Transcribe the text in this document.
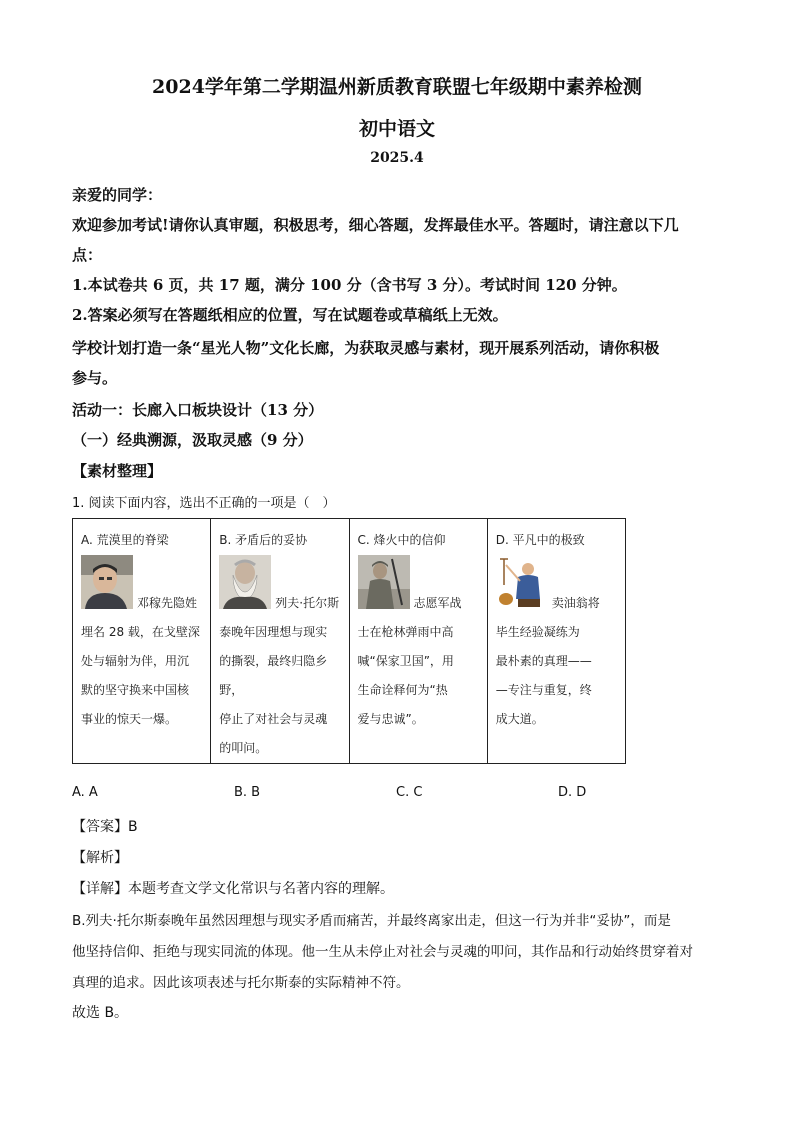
2024学年第二学期温州新质教育联盟七年级期中素养检测
初中语文
2025.4
亲爱的同学：
欢迎参加考试!请你认真审题，积极思考，细心答题，发挥最佳水平。答题时，请注意以下几
点：
1.本试卷共 6 页，共 17 题，满分 100 分（含书写 3 分）。考试时间 120 分钟。
2.答案必须写在答题纸相应的位置，写在试题卷或草稿纸上无效。
学校计划打造一条“星光人物”文化长廊，为获取灵感与素材，现开展系列活动，请你积极
参与。
活动一：长廊入口板块设计（13 分）
（一）经典溯源，汲取灵感（9 分）
【素材整理】
1. 阅读下面内容，选出不正确的一项是（　）
A. 荒漠里的脊梁
邓稼先隐姓
埋名 28 载，在戈壁深
处与辐射为伴，用沉
默的坚守换来中国核
事业的惊天一爆。

B. 矛盾后的妥协
列夫·托尔斯
泰晚年因理想与现实
的撕裂，最终归隐乡野，
停止了对社会与灵魂
的叩问。

C. 烽火中的信仰
志愿军战
士在枪林弹雨中高
喊“保家卫国”，用
生命诠释何为“热
爱与忠诚”。

D. 平凡中的极致
卖油翁将
毕生经验凝练为
最朴素的真理——
—专注与重复，终
成大道。
A. A	B. B	C. C	D. D
【答案】B
【解析】
【详解】本题考查文学文化常识与名著内容的理解。
B.列夫·托尔斯泰晚年虽然因理想与现实矛盾而痛苦，并最终离家出走，但这一行为并非“妥协”，而是
他坚持信仰、拒绝与现实同流的体现。他一生从未停止对社会与灵魂的叩问，其作品和行动始终贯穿着对
真理的追求。因此该项表述与托尔斯泰的实际精神不符。
故选 B。
